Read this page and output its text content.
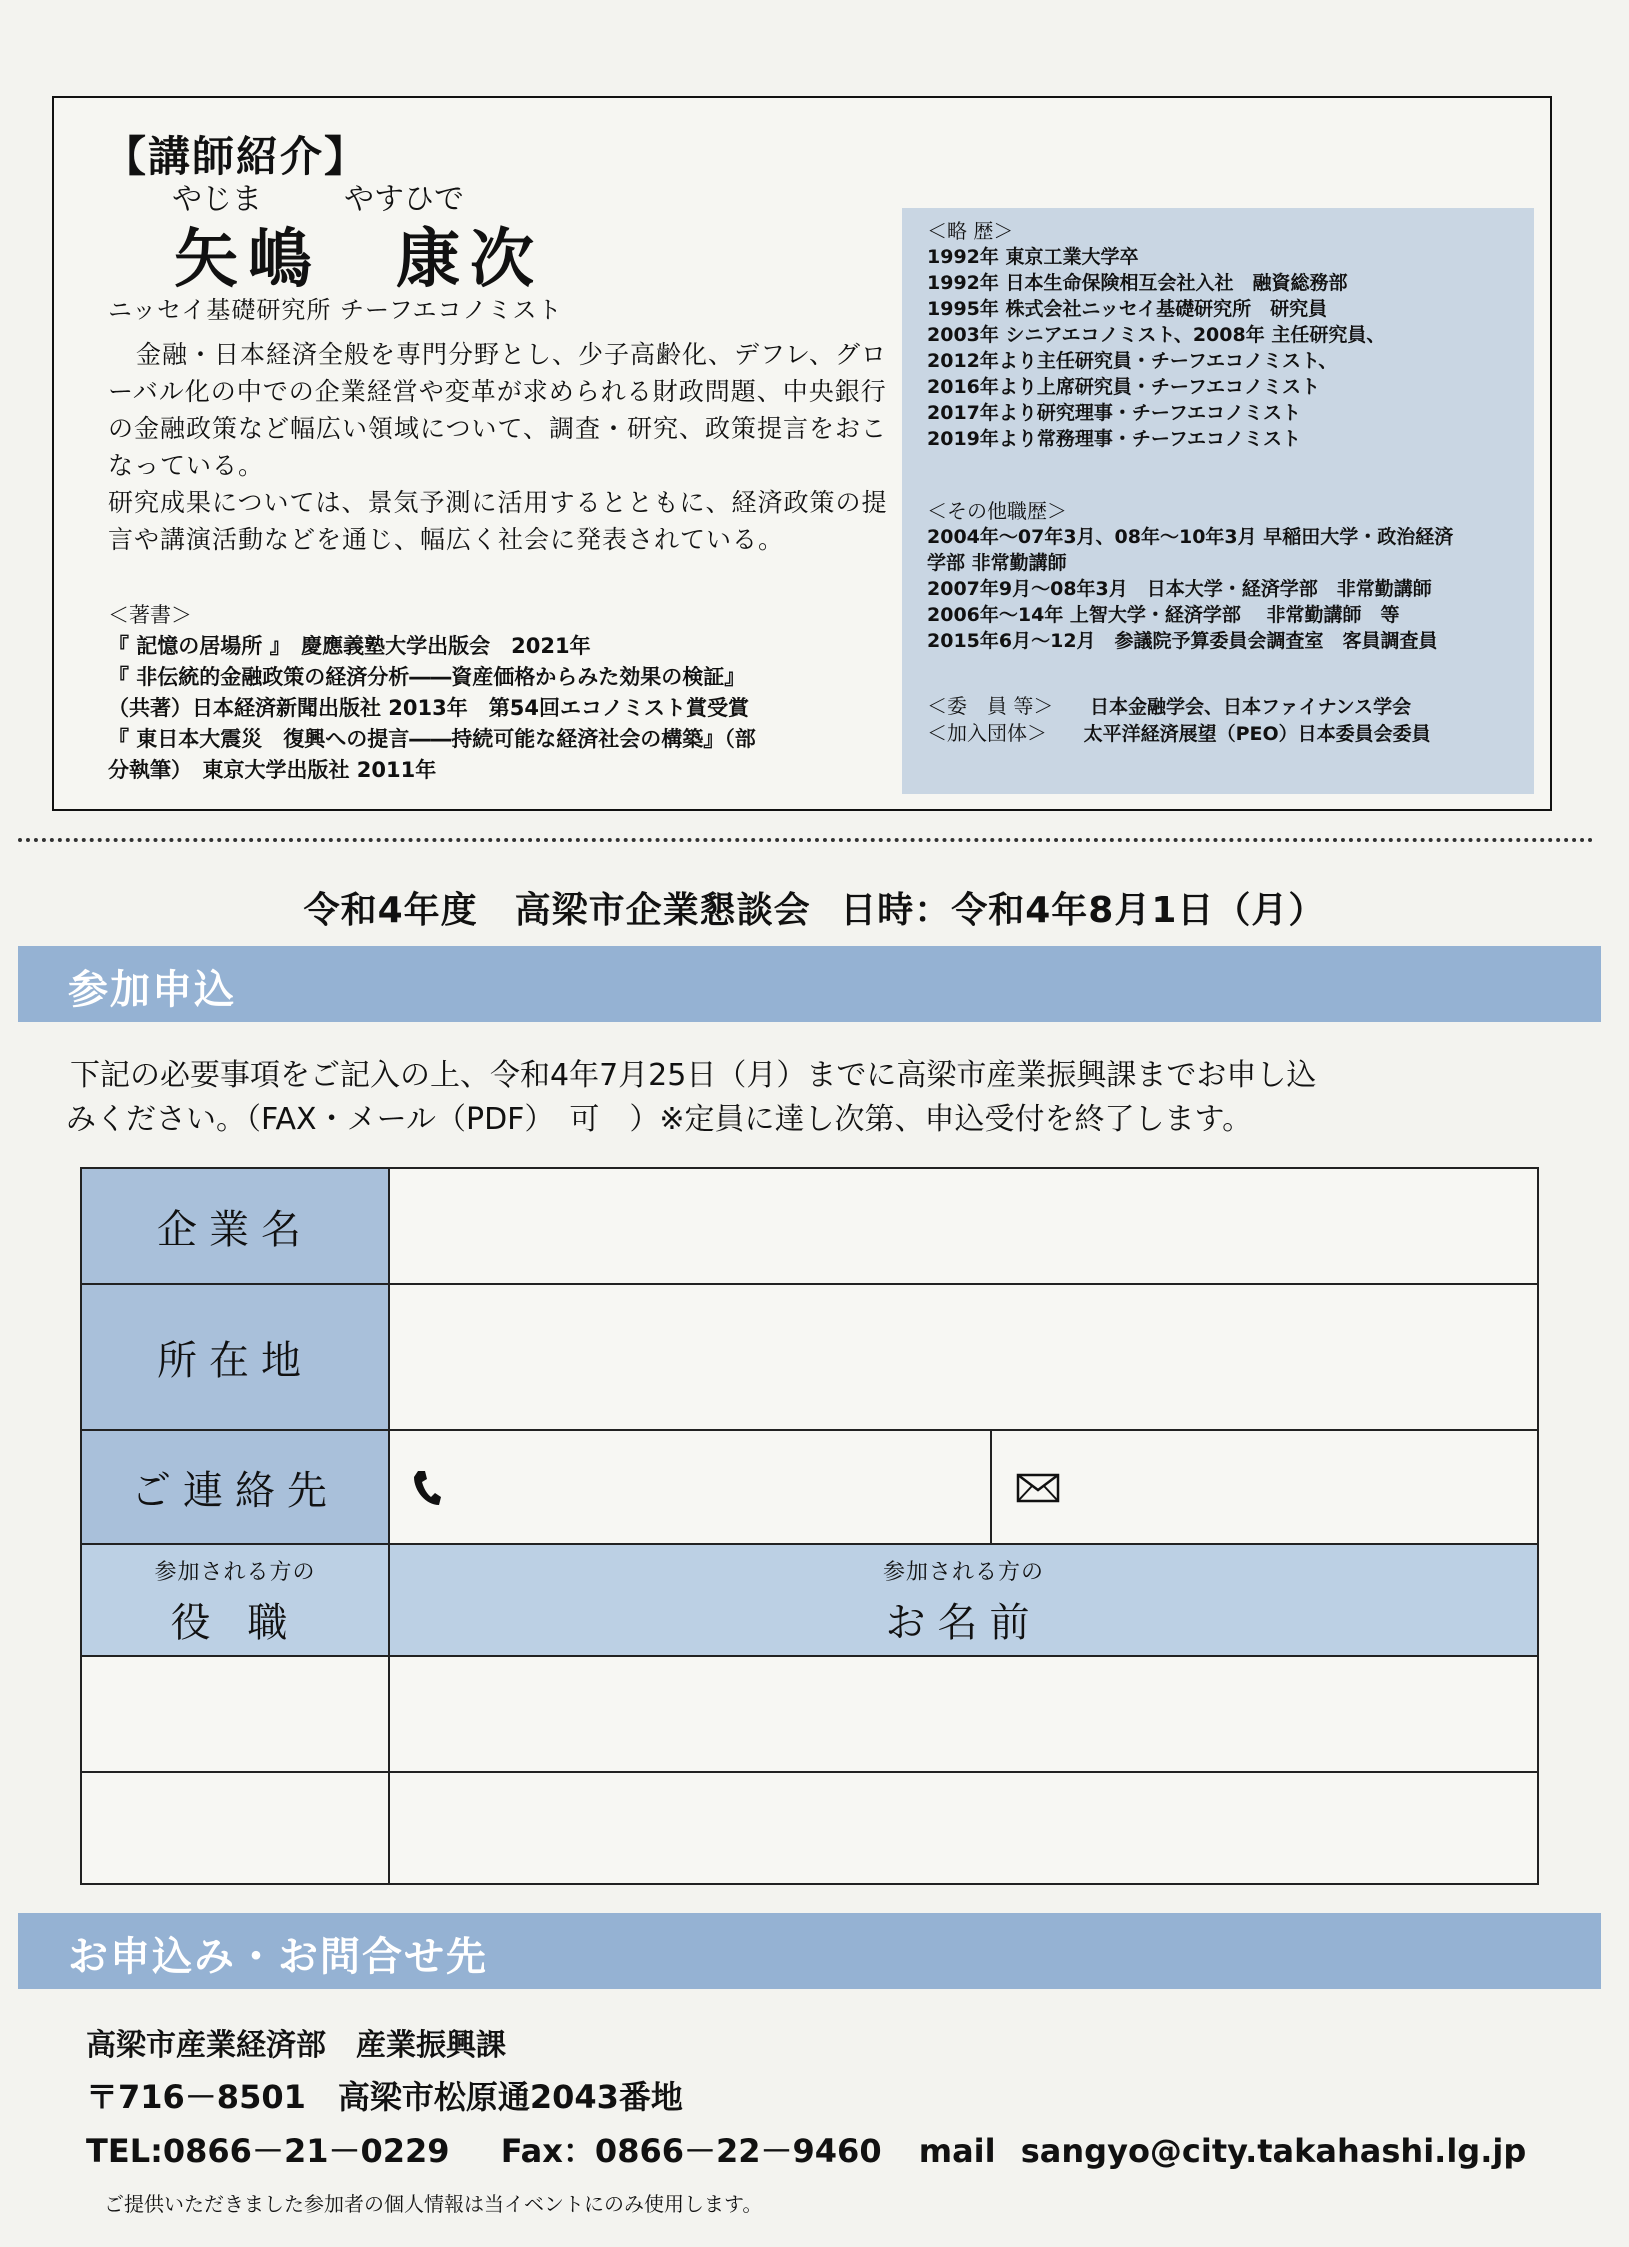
【講師紹介】
やじま	やすひで
矢嶋　康次
ニッセイ基礎研究所 チーフエコノミスト

金融・日本経済全般を専門分野とし、少子高齢化、デフレ、グローバル化の中での企業経営や変革が求められる財政問題、中央銀行の金融政策など幅広い領域について、調査・研究、政策提言をおこなっている。

研究成果については、景気予測に活用するとともに、経済政策の提言や講演活動などを通じ、幅広く社会に発表されている。

＜著書＞
『 記憶の居場所 』　慶應義塾大学出版会　2021年
『 非伝統的金融政策の経済分析――資産価格からみた効果の検証』
（共著）日本経済新聞出版社 2013年　第54回エコノミスト賞受賞
『 東日本大震災　復興への提言――持続可能な経済社会の構築』（部
分執筆）　東京大学出版社 2011年
＜略 歴＞
1992年 東京工業大学卒
1992年 日本生命保険相互会社入社　融資総務部
1995年 株式会社ニッセイ基礎研究所　研究員
2003年 シニアエコノミスト、2008年 主任研究員、
2012年より主任研究員・チーフエコノミスト、
2016年より上席研究員・チーフエコノミスト
2017年より研究理事・チーフエコノミスト
2019年より常務理事・チーフエコノミスト
＜その他職歴＞
2004年～07年3月、08年～10年3月 早稲田大学・政治経済
学部 非常勤講師
2007年9月～08年3月　日本大学・経済学部　非常勤講師
2006年～14年 上智大学・経済学部　 非常勤講師　等
2015年6月～12月　参議院予算委員会調査室　客員調査員
＜委　員 等＞ 日本金融学会、日本ファイナンス学会
＜加入団体＞ 太平洋経済展望（PEO）日本委員会委員
令和4年度　高梁市企業懇談会 日時：令和4年8月1日（月）
参加申込
下記の必要事項をご記入の上、令和4年7月25日（月）までに高梁市産業振興課までお申し込
みください。（FAX・メール（PDF）　可　）※定員に達し次第、申込受付を終了します。
企業名
所在地
ご連絡先
参加される方の
役 職
参加される方の
お名前
お申込み・お問合せ先
高梁市産業経済部　産業振興課
〒716－8501　高梁市松原通2043番地
TEL:0866－21－0229 Fax：0866－22－9460 mail sangyo@city.takahashi.lg.jp
ご提供いただきました参加者の個人情報は当イベントにのみ使用します。
